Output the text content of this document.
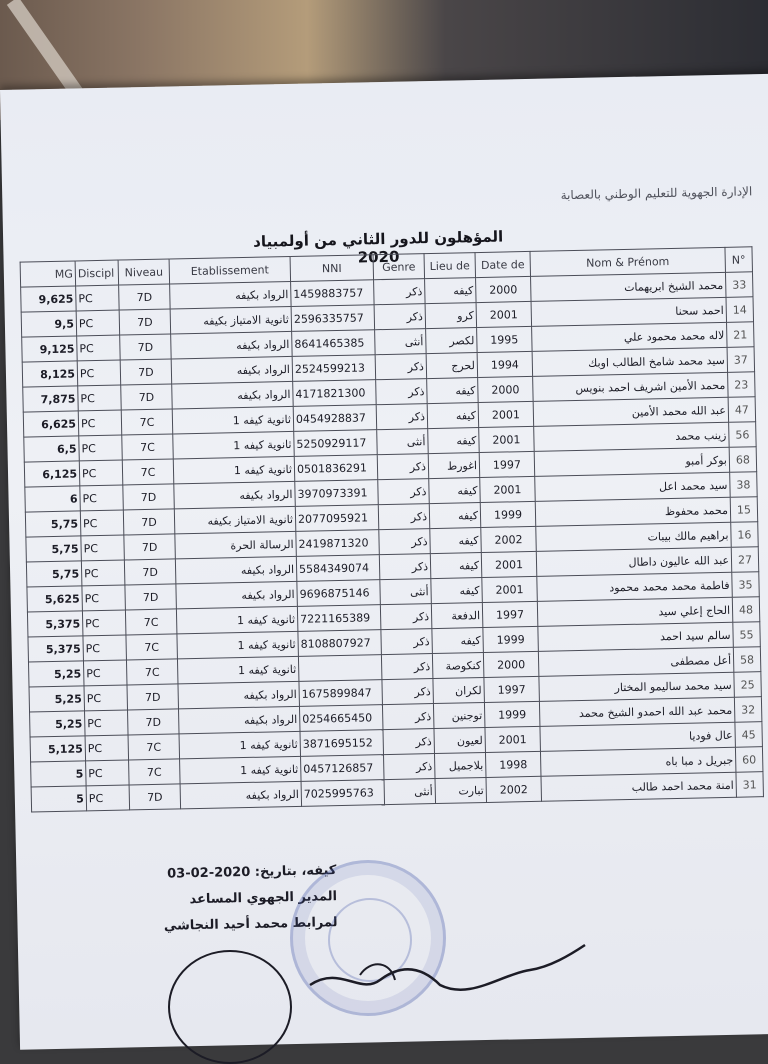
الإدارة الجهوية للتعليم الوطني بالعصابة
المؤهلون للدور الثاني من أولمبياد 2020
MG	Discipl	Niveau	Etablissement	NNI	Genre	Lieu de	Date de	Nom & Prénom	N°
9,625	PC	7D	الرواد بكيفه	1459883757	ذكر	كيفه	2000	محمد الشيخ ابريهمات	33
9,5	PC	7D	ثانوية الامتياز بكيفه	2596335757	ذكر	كرو	2001	احمد سحنا	14
9,125	PC	7D	الرواد بكيفه	8641465385	أنثى	لكصر	1995	لاله محمد محمود علي	21
8,125	PC	7D	الرواد بكيفه	2524599213	ذكر	لحرج	1994	سيد محمد شامخ الطالب اوبك	37
7,875	PC	7D	الرواد بكيفه	4171821300	ذكر	كيفه	2000	محمد الأمين اشريف احمد بنويس	23
6,625	PC	7C	ثانوية كيفه 1	0454928837	ذكر	كيفه	2001	عبد الله محمد الأمين	47
6,5	PC	7C	ثانوية كيفه 1	5250929117	أنثى	كيفه	2001	زينب محمد	56
6,125	PC	7C	ثانوية كيفه 1	0501836291	ذكر	اغورط	1997	بوكر أمبو	68
6	PC	7D	الرواد بكيفه	3970973391	ذكر	كيفه	2001	سيد محمد اعل	38
5,75	PC	7D	ثانوية الامتياز بكيفه	2077095921	ذكر	كيفه	1999	محمد محفوظ	15
5,75	PC	7D	الرسالة الحرة	2419871320	ذكر	كيفه	2002	براهيم مالك بيبات	16
5,75	PC	7D	الرواد بكيفه	5584349074	ذكر	كيفه	2001	عبد الله عاليون داطال	27
5,625	PC	7D	الرواد بكيفه	9696875146	أنثى	كيفه	2001	فاطمة محمد محمد محمود	35
5,375	PC	7C	ثانوية كيفه 1	7221165389	ذكر	الدفعة	1997	الحاج إعلي سيد	48
5,375	PC	7C	ثانوية كيفه 1	8108807927	ذكر	كيفه	1999	سالم سيد احمد	55
5,25	PC	7C	ثانوية كيفه 1		ذكر	كنكوصة	2000	أعل مصطفى	58
5,25	PC	7D	الرواد بكيفه	1675899847	ذكر	لكران	1997	سيد محمد ساليمو المختار	25
5,25	PC	7D	الرواد بكيفه	0254665450	ذكر	توجنين	1999	محمد عبد الله احمدو الشيخ محمد	32
5,125	PC	7C	ثانوية كيفه 1	3871695152	ذكر	لعيون	2001	عال فوديا	45
5	PC	7C	ثانوية كيفه 1	0457126857	ذكر	بلاجميل	1998	جبريل د مبا باه	60
5	PC	7D	الرواد بكيفه	7025995763	أنثى	تبارت	2002	امنة محمد احمد طالب	31
كيفه، بتاريخ: 2020-02-03
المدير الجهوي المساعد
لمرابط محمد أحيد النجاشي
